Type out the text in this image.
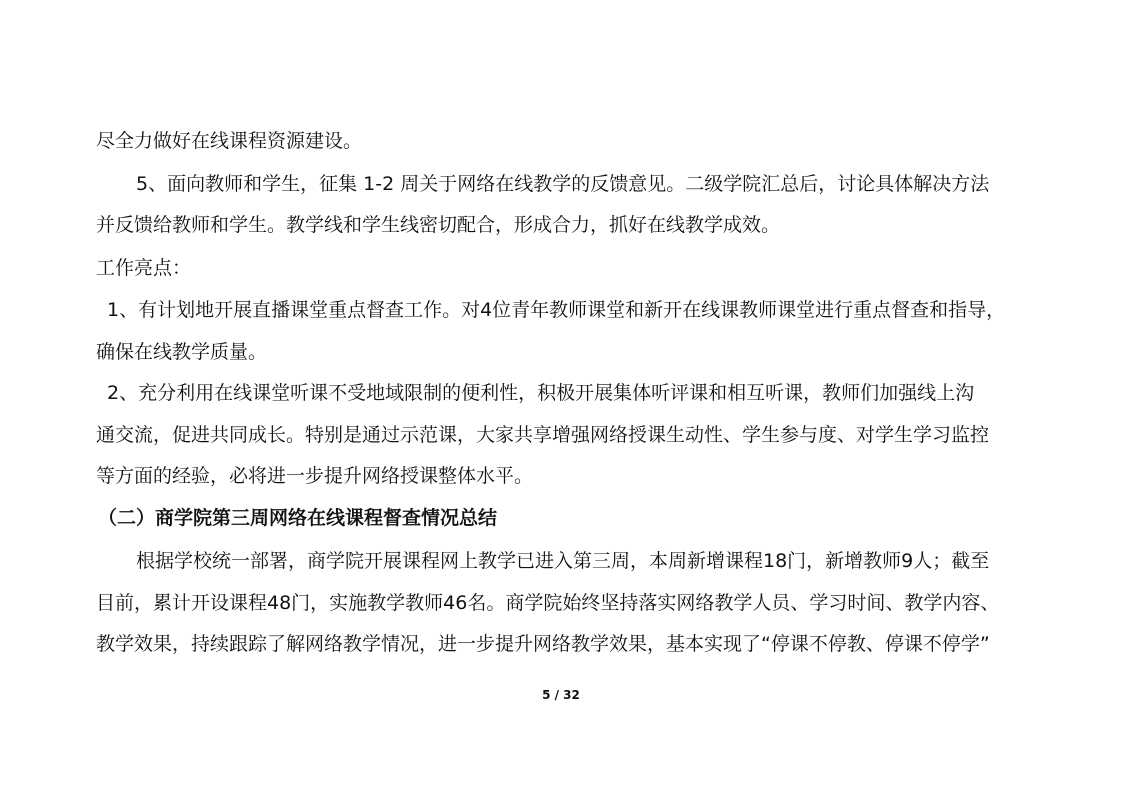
尽全力做好在线课程资源建设。
5、面向教师和学生，征集 1-2 周关于网络在线教学的反馈意见。二级学院汇总后，讨论具体解决方法
并反馈给教师和学生。教学线和学生线密切配合，形成合力，抓好在线教学成效。
工作亮点：
1、有计划地开展直播课堂重点督查工作。对4位青年教师课堂和新开在线课教师课堂进行重点督查和指导，
确保在线教学质量。
2、充分利用在线课堂听课不受地域限制的便利性，积极开展集体听评课和相互听课，教师们加强线上沟
通交流，促进共同成长。特别是通过示范课，大家共享增强网络授课生动性、学生参与度、对学生学习监控
等方面的经验，必将进一步提升网络授课整体水平。
（二）商学院第三周网络在线课程督查情况总结
根据学校统一部署，商学院开展课程网上教学已进入第三周，本周新增课程18门，新增教师9人；截至
目前，累计开设课程48门，实施教学教师46名。商学院始终坚持落实网络教学人员、学习时间、教学内容、
教学效果，持续跟踪了解网络教学情况，进一步提升网络教学效果，基本实现了“停课不停教、停课不停学”
5 / 32
